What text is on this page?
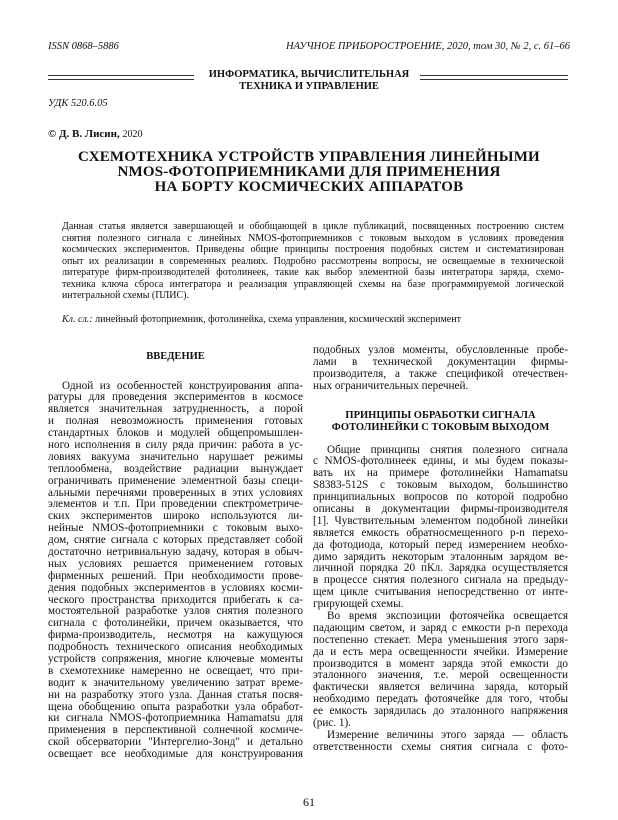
ISSN 0868–5886	НАУЧНОЕ ПРИБОРОСТРОЕНИЕ, 2020, том 30, № 2, с. 61–66
ИНФОРМАТИКА, ВЫЧИСЛИТЕЛЬНАЯ
ТЕХНИКА И УПРАВЛЕНИЕ
УДК 520.6.05
© Д. В. Лисин, 2020
СХЕМОТЕХНИКА УСТРОЙСТВ УПРАВЛЕНИЯ ЛИНЕЙНЫМИ
NMOS-ФОТОПРИЕМНИКАМИ ДЛЯ ПРИМЕНЕНИЯ
НА БОРТУ КОСМИЧЕСКИХ АППАРАТОВ
Данная статья является завершающей и обобщающей в цикле публикаций, посвященных построению систем
снятия полезного сигнала с линейных NMOS-фотоприемников с токовым выходом в условиях проведения
космических экспериментов. Приведены общие принципы построения подобных систем и систематизирован
опыт их реализации в современных реалиях. Подробно рассмотрены вопросы, не освещаемые в технической
литературе фирм-производителей фотолинеек, такие как выбор элементной базы интегратора заряда, схемо-
техника ключа сброса интегратора и реализация управляющей схемы на базе программируемой логической
интегральной схемы (ПЛИС).
Кл. сл.: линейный фотоприемник, фотолинейка, схема управления, космический эксперимент
ВВЕДЕНИЕ
Одной из особенностей конструирования аппа-
ратуры для проведения экспериментов в космосе
является значительная затрудненность, а порой
и полная невозможность применения готовых
стандартных блоков и модулей общепромышлен-
ного исполнения в силу ряда причин: работа в ус-
ловиях вакуума значительно нарушает режимы
теплообмена, воздействие радиации вынуждает
ограничивать применение элементной базы специ-
альными перечнями проверенных в этих условиях
элементов и т.п. При проведении спектрометриче-
ских экспериментов широко используются ли-
нейные NMOS-фотоприемники с токовым выхо-
дом, снятие сигнала с которых представляет собой
достаточно нетривиальную задачу, которая в обыч-
ных условиях решается применением готовых
фирменных решений. При необходимости прове-
дения подобных экспериментов в условиях косми-
ческого пространства приходится прибегать к са-
мостоятельной разработке узлов снятия полезного
сигнала с фотолинейки, причем оказывается, что
фирма-производитель, несмотря на кажущуюся
подробность технического описания необходимых
устройств сопряжения, многие ключевые моменты
в схемотехнике намеренно не освещает, что при-
водит к значительному увеличению затрат време-
ни на разработку этого узла. Данная статья посвя-
щена обобщению опыта разработки узла обработ-
ки сигнала NMOS-фотоприемника Hamamatsu для
применения в перспективной солнечной космиче-
ской обсерватории "Интергелио-Зонд" и детально
освещает все необходимые для конструирования
подобных узлов моменты, обусловленные пробе-
лами в технической документации фирмы-
производителя, а также спецификой отечествен-
ных ограничительных перечней.
ПРИНЦИПЫ ОБРАБОТКИ СИГНАЛА
ФОТОЛИНЕЙКИ С ТОКОВЫМ ВЫХОДОМ
Общие принципы снятия полезного сигнала
с NMOS-фотолинеек едины, и мы будем показы-
вать их на примере фотолинейки Hamamatsu
S8383-512S с токовым выходом, большинство
принципиальных вопросов по которой подробно
описаны в документации фирмы-производителя
[1]. Чувствительным элементом подобной линейки
является емкость обратносмещенного p-n перехо-
да фотодиода, который перед измерением необхо-
димо зарядить некоторым эталонным зарядом ве-
личиной порядка 20 пКл. Зарядка осуществляется
в процессе снятия полезного сигнала на предыду-
щем цикле считывания непосредственно от инте-
грирующей схемы.
Во время экспозиции фотоячейка освещается
падающим светом, и заряд с емкости p-n перехода
постепенно стекает. Мера уменьшения этого заря-
да и есть мера освещенности ячейки. Измерение
производится в момент заряда этой емкости до
эталонного значения, т.е. мерой освещенности
фактически является величина заряда, который
необходимо передать фотоячейке для того, чтобы
ее емкость зарядилась до эталонного напряжения
(рис. 1).
Измерение величины этого заряда — область
ответственности схемы снятия сигнала с фото-
61
